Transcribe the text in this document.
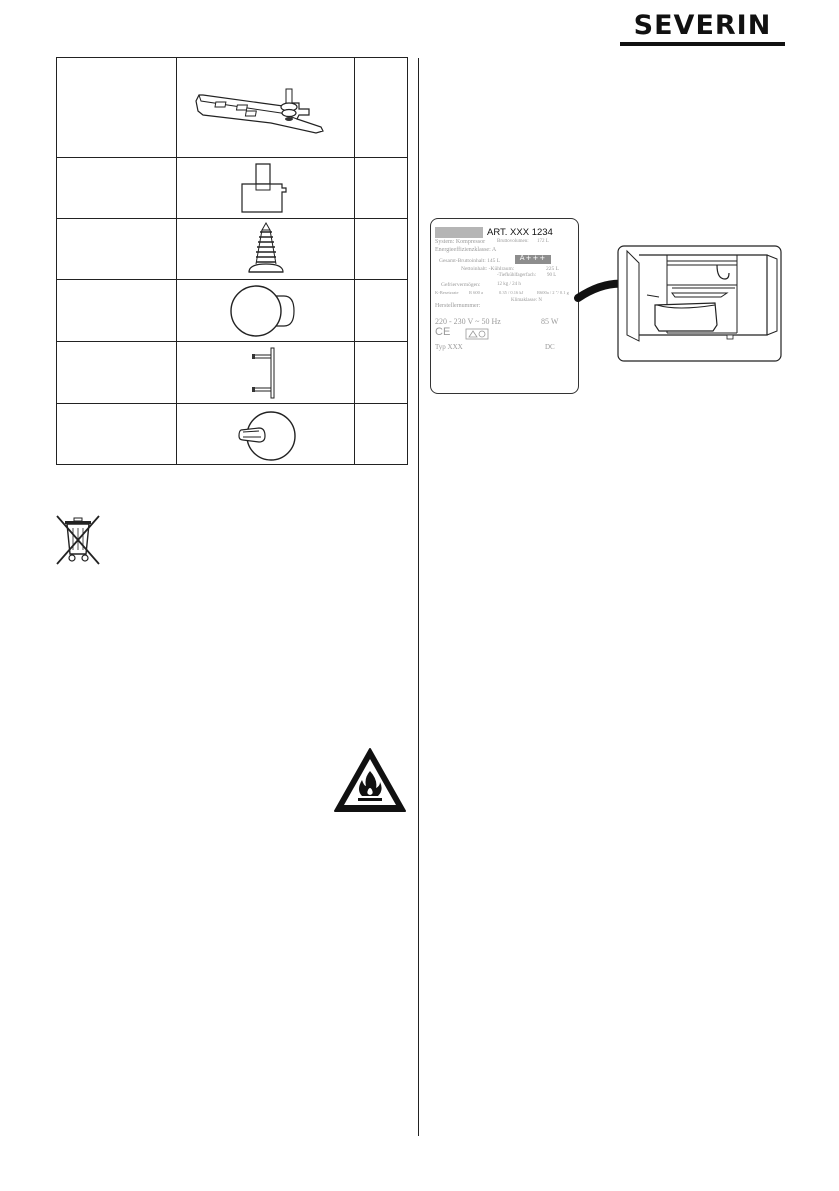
SEVERIN
ART. XXX 1234
System: Kompressor Bruttovolumen: 172 L
Energieeffizienzklasse: A
A+++
Gesamt-Bruttoinhalt: 145 L
Nettoinhalt: -Kühlraum:	225 L
-Tiefkühlfagerfach: 90 L
Gefriervermögen:	12 kg / 24 h
K-Besetzrate R 600 a	0.35 / 0.16 kJ	R600a / 2 "/ 0.1 g
Klimaklasse: N
Herstellernummer:
220 - 230 V ~ 50 Hz	85 W
CE
Typ XXX	DC
